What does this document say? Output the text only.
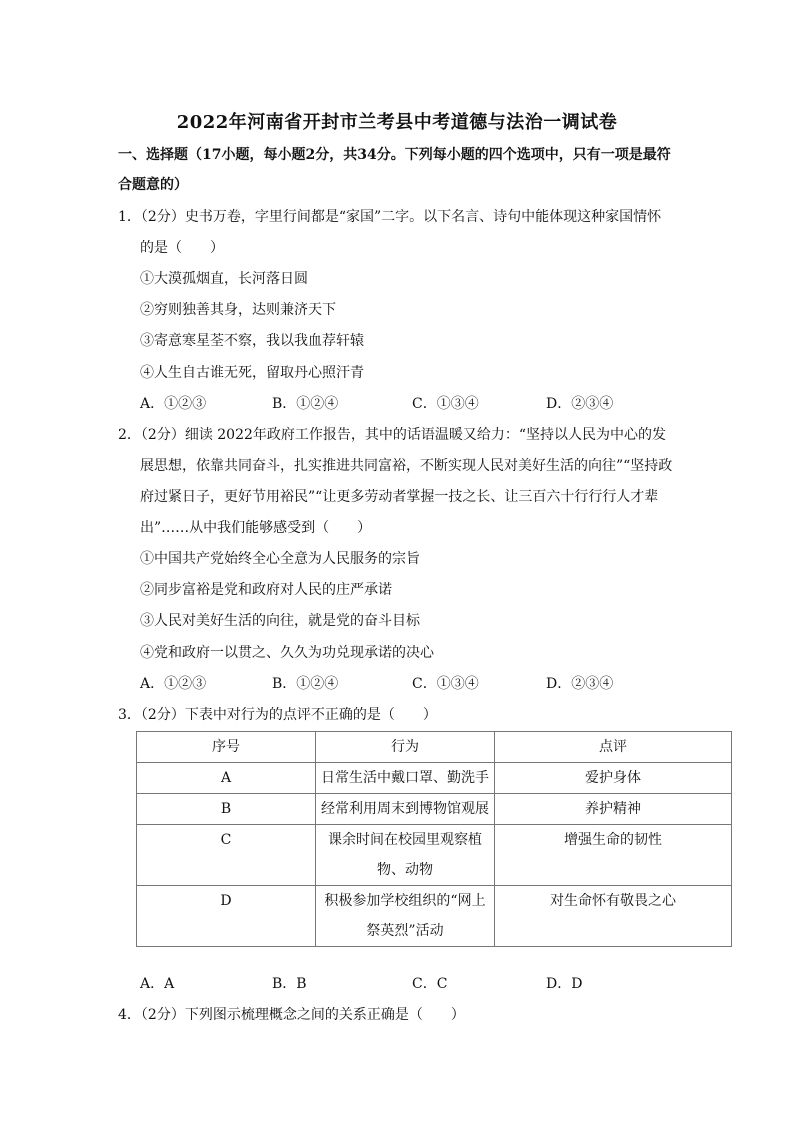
2022年河南省开封市兰考县中考道德与法治一调试卷
一、选择题（17小题，每小题2分，共34分。下列每小题的四个选项中，只有一项是最符
合题意的）
1．（2分）史书万卷，字里行间都是“家国”二字。以下名言、诗句中能体现这种家国情怀
的是（　　）
①大漠孤烟直，长河落日圆
②穷则独善其身，达则兼济天下
③寄意寒星荃不察，我以我血荐轩辕
④人生自古谁无死，留取丹心照汗青
A．①②③	B．①②④	C．①③④	D．②③④
2．（2分）细读 2022年政府工作报告，其中的话语温暖又给力：“坚持以人民为中心的发
展思想，依靠共同奋斗，扎实推进共同富裕，不断实现人民对美好生活的向往”“坚持政
府过紧日子，更好节用裕民”“让更多劳动者掌握一技之长、让三百六十行行行人才辈
出”……从中我们能够感受到（　　）
①中国共产党始终全心全意为人民服务的宗旨
②同步富裕是党和政府对人民的庄严承诺
③人民对美好生活的向往，就是党的奋斗目标
④党和政府一以贯之、久久为功兑现承诺的决心
A．①②③	B．①②④	C．①③④	D．②③④
3．（2分）下表中对行为的点评不正确的是（　　）
序号	行为	点评
A	日常生活中戴口罩、勤洗手	爱护身体
B	经常利用周末到博物馆观展	养护精神
C	课余时间在校园里观察植物、动物	增强生命的韧性
D	积极参加学校组织的“网上祭英烈”活动	对生命怀有敬畏之心
A．A	B．B	C．C	D．D
4．（2分）下列图示梳理概念之间的关系正确是（　　）
